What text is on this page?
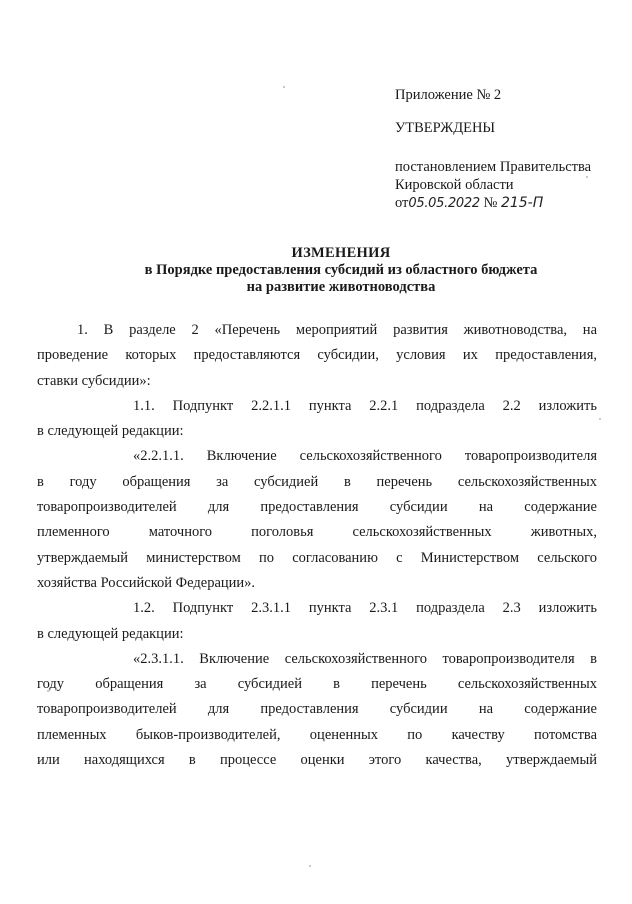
Приложение № 2
УТВЕРЖДЕНЫ
постановлением Правительства
Кировской области
от05.05.2022 № 215-П
ИЗМЕНЕНИЯ
в Порядке предоставления субсидий из областного бюджета
на развитие животноводства

1. В разделе 2 «Перечень мероприятий развития животноводства, на

проведение которых предоставляются субсидии, условия их предоставления,

ставки субсидии»:

1.1. Подпункт 2.2.1.1 пункта 2.2.1 подраздела 2.2 изложить

в следующей редакции:

«2.2.1.1. Включение сельскохозяйственного товаропроизводителя

в году обращения за субсидией в перечень сельскохозяйственных

товаропроизводителей для предоставления субсидии на содержание

племенного маточного поголовья сельскохозяйственных животных,

утверждаемый министерством по согласованию с Министерством сельского

хозяйства Российской Федерации».

1.2. Подпункт 2.3.1.1 пункта 2.3.1 подраздела 2.3 изложить

в следующей редакции:

«2.3.1.1. Включение сельскохозяйственного товаропроизводителя в

году обращения за субсидией в перечень сельскохозяйственных

товаропроизводителей для предоставления субсидии на содержание

племенных быков-производителей, оцененных по качеству потомства

или находящихся в процессе оценки этого качества, утверждаемый
